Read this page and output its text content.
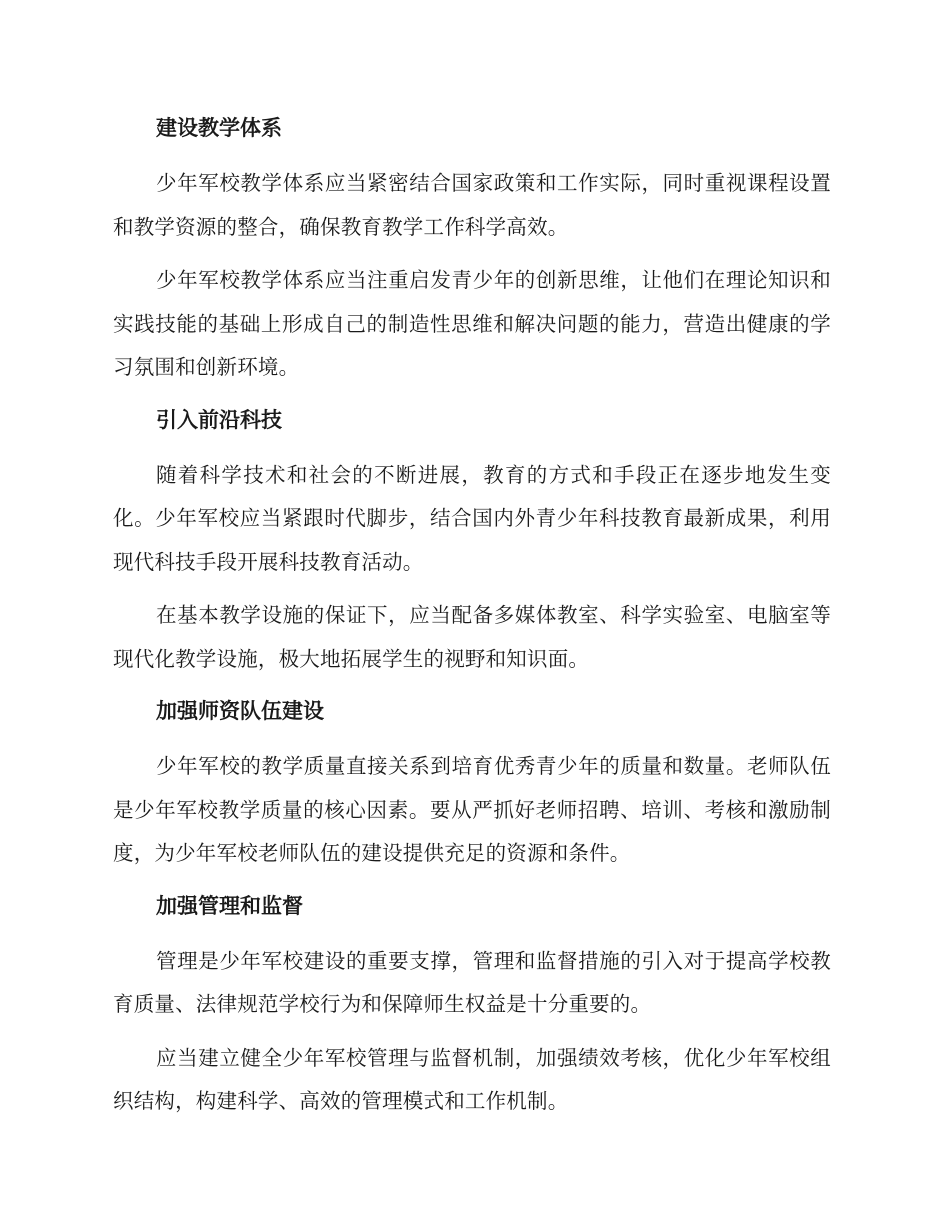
建设教学体系

少年军校教学体系应当紧密结合国家政策和工作实际，同时重视课程设置和教学资源的整合，确保教育教学工作科学高效。

少年军校教学体系应当注重启发青少年的创新思维，让他们在理论知识和实践技能的基础上形成自己的制造性思维和解决问题的能力，营造出健康的学习氛围和创新环境。

引入前沿科技

随着科学技术和社会的不断进展，教育的方式和手段正在逐步地发生变化。少年军校应当紧跟时代脚步，结合国内外青少年科技教育最新成果，利用现代科技手段开展科技教育活动。

在基本教学设施的保证下，应当配备多媒体教室、科学实验室、电脑室等现代化教学设施，极大地拓展学生的视野和知识面。

加强师资队伍建设

少年军校的教学质量直接关系到培育优秀青少年的质量和数量。老师队伍是少年军校教学质量的核心因素。要从严抓好老师招聘、培训、考核和激励制度，为少年军校老师队伍的建设提供充足的资源和条件。

加强管理和监督

管理是少年军校建设的重要支撑，管理和监督措施的引入对于提高学校教育质量、法律规范学校行为和保障师生权益是十分重要的。

应当建立健全少年军校管理与监督机制，加强绩效考核，优化少年军校组织结构，构建科学、高效的管理模式和工作机制。
